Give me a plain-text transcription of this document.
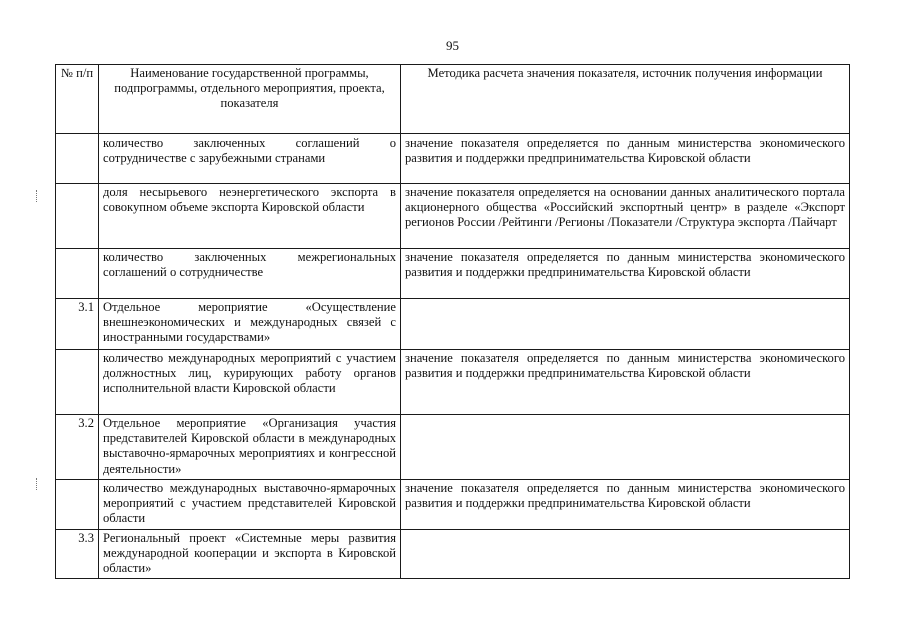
95
№ п/п	Наименование государственной программы, подпрограммы, отдельного мероприятия, проекта, показателя	Методика расчета значения показателя, источник получения информации
	количество заключенных соглашений о сотрудничестве с зарубежными странами	значение показателя определяется по данным министерства экономического развития и поддержки предпринимательства Кировской области
	доля несырьевого неэнергетического экспорта в совокупном объеме экспорта Кировской области	значение показателя определяется на основании данных аналитического портала акционерного общества «Российский экспортный центр» в разделе «Экспорт регионов России /Рейтинги /Регионы /Показатели /Структура экспорта /Пайчарт
	количество заключенных межрегиональных соглашений о сотрудничестве	значение показателя определяется по данным министерства экономического развития и поддержки предпринимательства Кировской области
3.1	Отдельное мероприятие «Осуществление внешнеэкономических и международных связей с иностранными государствами»	
	количество международных мероприятий с участием должностных лиц, курирующих работу органов исполнительной власти Кировской области	значение показателя определяется по данным министерства экономического развития и поддержки предпринимательства Кировской области
3.2	Отдельное мероприятие «Организация участия представителей Кировской области в международных выставочно-ярмарочных мероприятиях и конгрессной деятельности»	
	количество международных выставочно-ярмарочных мероприятий с участием представителей Кировской области	значение показателя определяется по данным министерства экономического развития и поддержки предпринимательства Кировской области
3.3	Региональный проект «Системные меры развития международной кооперации и экспорта в Кировской области»	
